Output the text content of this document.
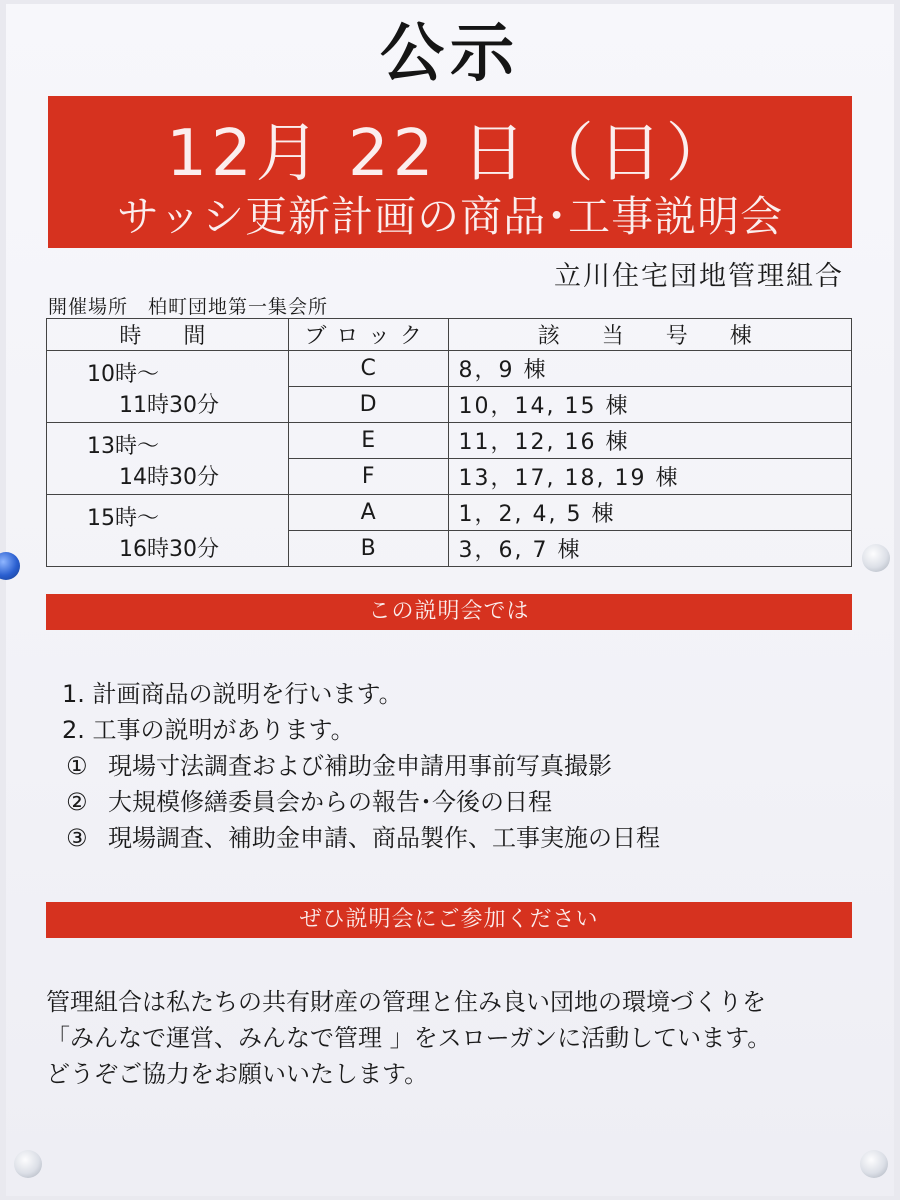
公示
12月 22 日（日）
サッシ更新計画の商品･工事説明会
立川住宅団地管理組合
開催場所　柏町団地第一集会所
時　間	ブロック	該　当　号　棟

10時～
11時30分	C	8，9 棟
	D	10，14, 15 棟

13時～
14時30分	E	11，12, 16 棟
	F	13，17, 18, 19 棟

15時～
16時30分	A	1，2, 4, 5 棟
	B	3，6, 7 棟
この説明会では
1. 計画商品の説明を行います。
2. 工事の説明があります。
① 現場寸法調査および補助金申請用事前写真撮影
② 大規模修繕委員会からの報告･今後の日程
③ 現場調査、補助金申請、商品製作、工事実施の日程
ぜひ説明会にご参加ください
管理組合は私たちの共有財産の管理と住み良い団地の環境づくりを
「みんなで運営、みんなで管理 」をスローガンに活動しています。
どうぞご協力をお願いいたします。
